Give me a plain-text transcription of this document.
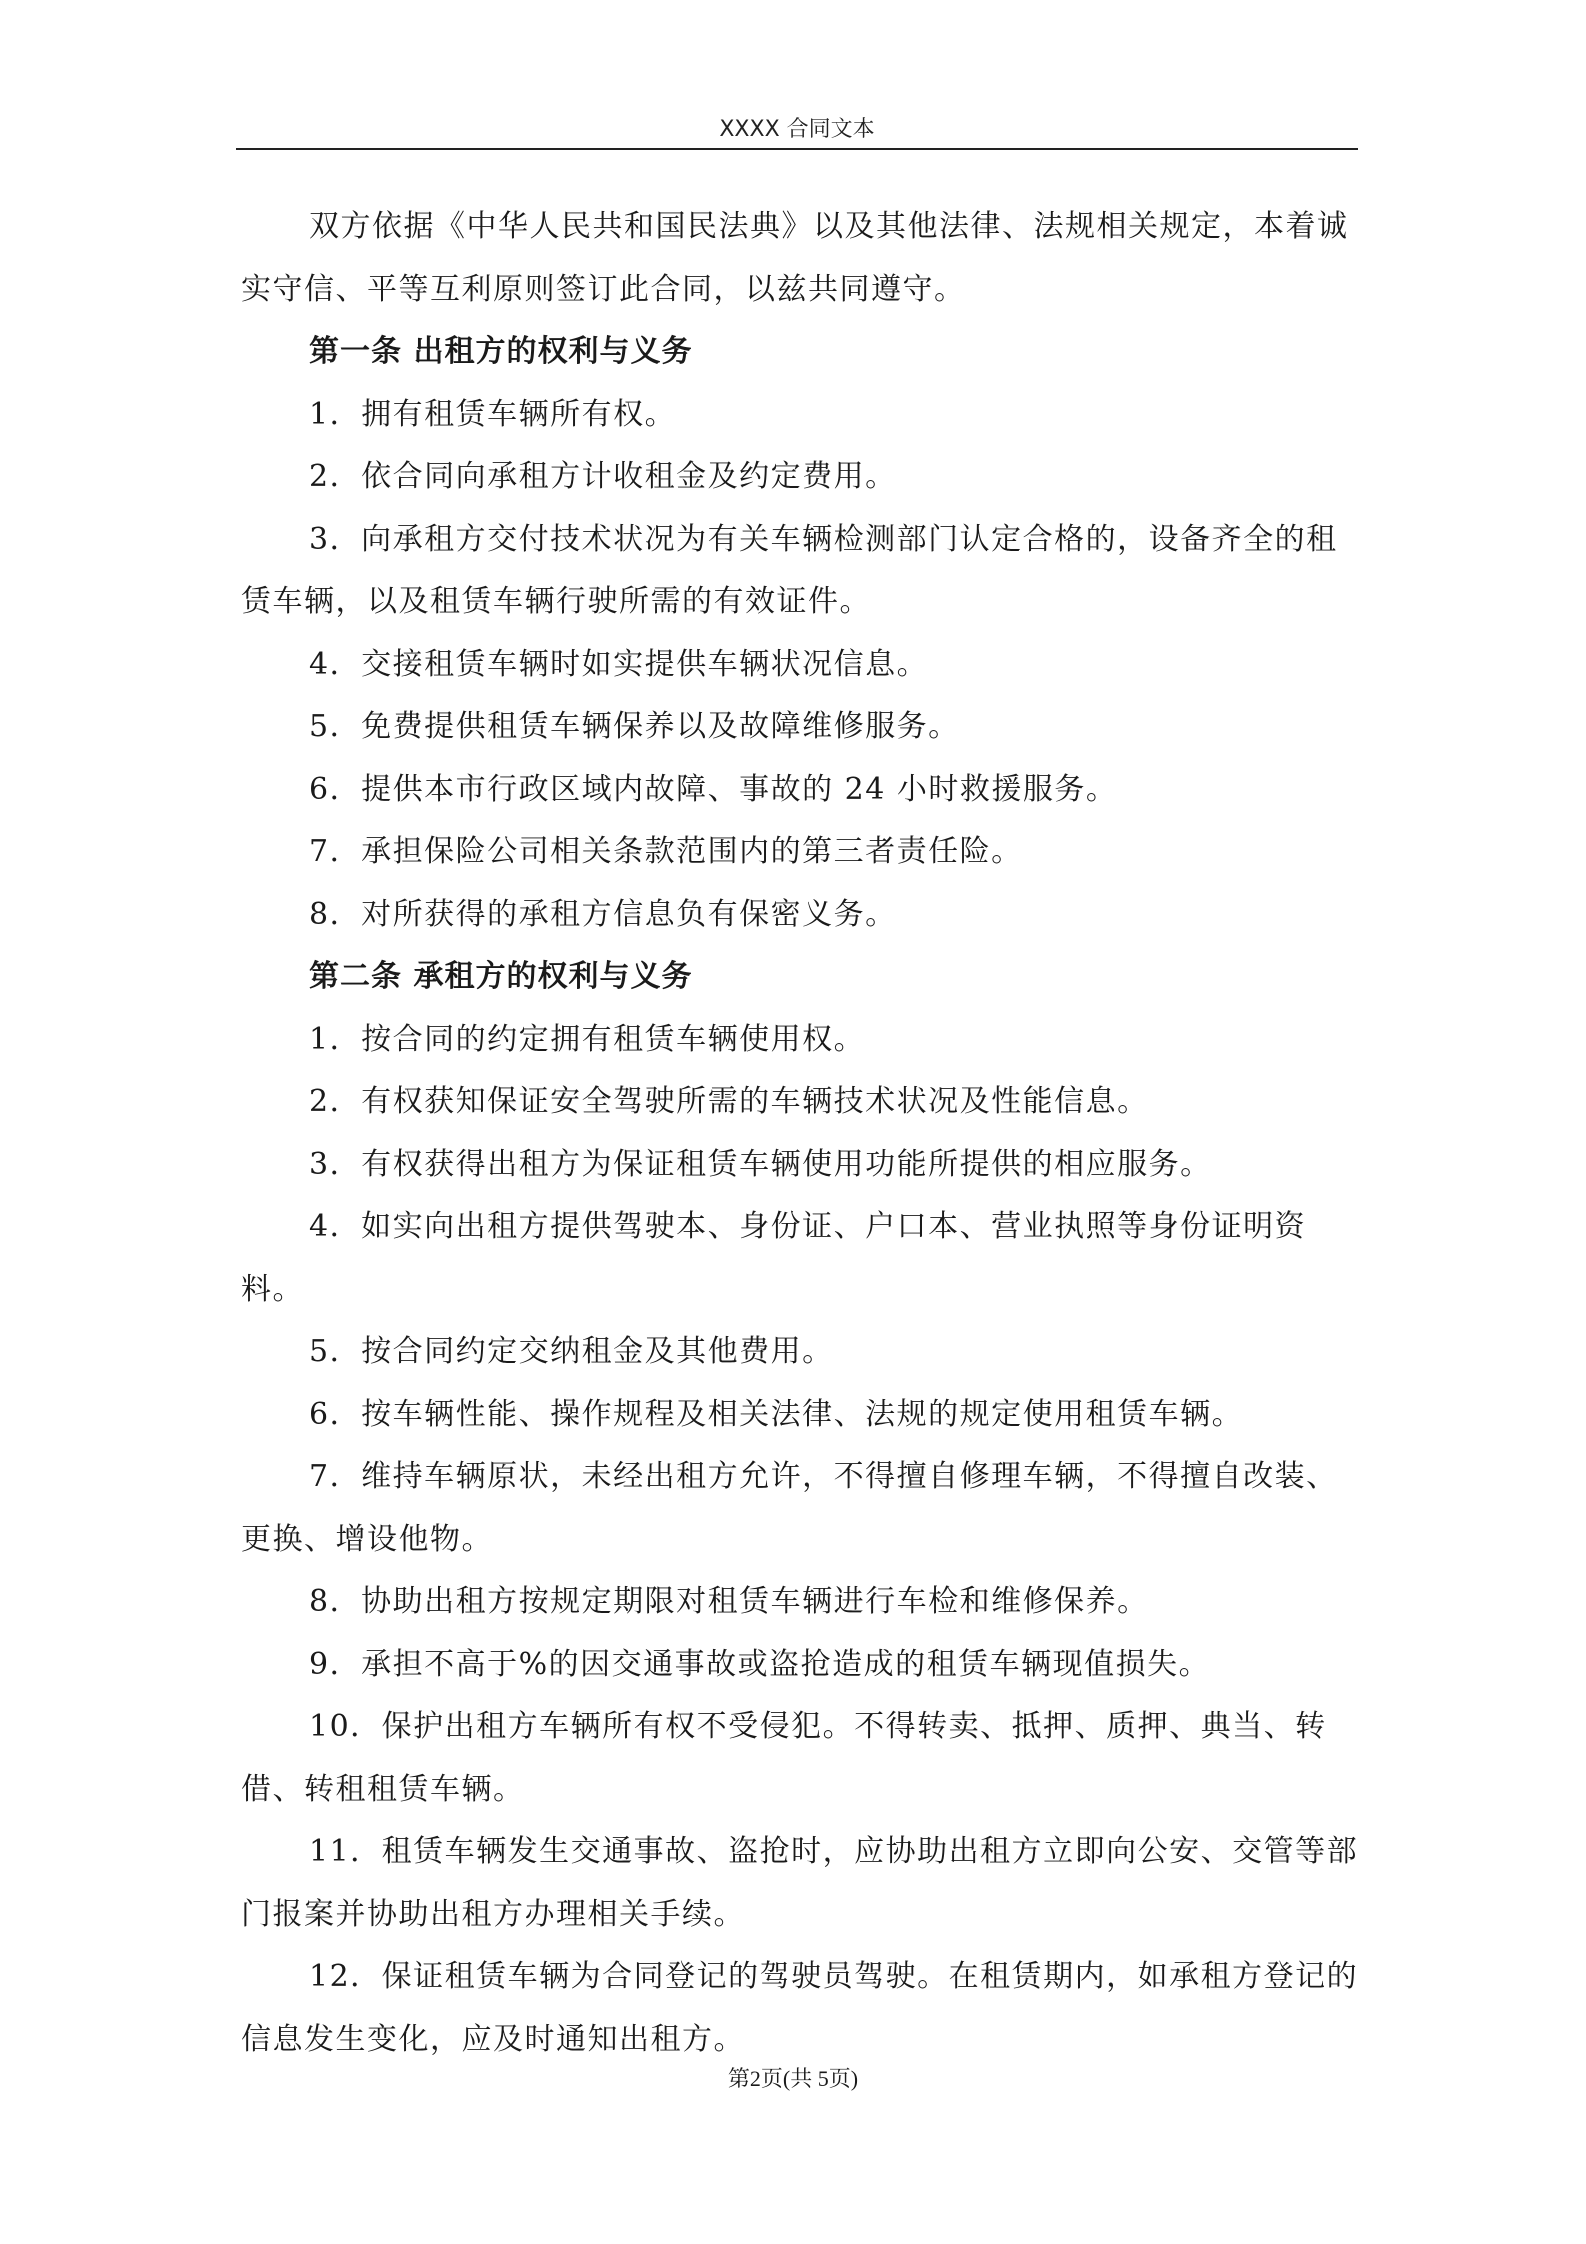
XXXX 合同文本

双方依据《中华人民共和国民法典》以及其他法律、法规相关规定，本着诚实守信、平等互利原则签订此合同，以兹共同遵守。

第一条 出租方的权利与义务

1．拥有租赁车辆所有权。

2．依合同向承租方计收租金及约定费用。

3．向承租方交付技术状况为有关车辆检测部门认定合格的，设备齐全的租赁车辆，以及租赁车辆行驶所需的有效证件。

4．交接租赁车辆时如实提供车辆状况信息。

5．免费提供租赁车辆保养以及故障维修服务。

6．提供本市行政区域内故障、事故的 24 小时救援服务。

7．承担保险公司相关条款范围内的第三者责任险。

8．对所获得的承租方信息负有保密义务。

第二条 承租方的权利与义务

1．按合同的约定拥有租赁车辆使用权。

2．有权获知保证安全驾驶所需的车辆技术状况及性能信息。

3．有权获得出租方为保证租赁车辆使用功能所提供的相应服务。

4．如实向出租方提供驾驶本、身份证、户口本、营业执照等身份证明资料。

5．按合同约定交纳租金及其他费用。

6．按车辆性能、操作规程及相关法律、法规的规定使用租赁车辆。

7．维持车辆原状，未经出租方允许，不得擅自修理车辆，不得擅自改装、更换、增设他物。

8．协助出租方按规定期限对租赁车辆进行车检和维修保养。

9．承担不高于%的因交通事故或盗抢造成的租赁车辆现值损失。

10．保护出租方车辆所有权不受侵犯。不得转卖、抵押、质押、典当、转借、转租租赁车辆。

11．租赁车辆发生交通事故、盗抢时，应协助出租方立即向公安、交管等部门报案并协助出租方办理相关手续。

12．保证租赁车辆为合同登记的驾驶员驾驶。在租赁期内，如承租方登记的信息发生变化，应及时通知出租方。

第2页(共 5页)
